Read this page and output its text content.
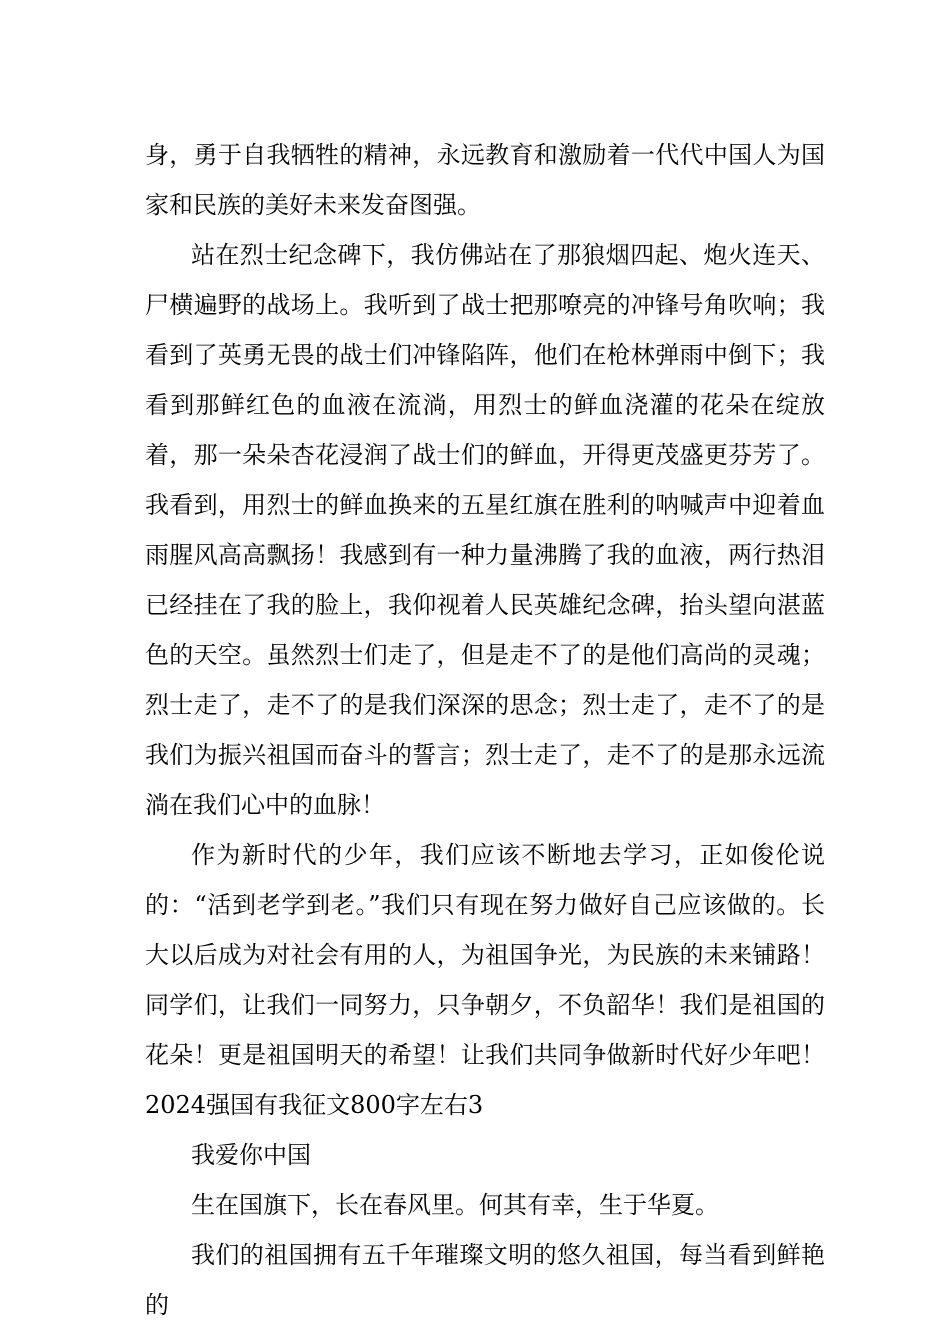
身，勇于自我牺牲的精神，永远教育和激励着一代代中国人为国家和民族的美好未来发奋图强。

站在烈士纪念碑下，我仿佛站在了那狼烟四起、炮火连天、尸横遍野的战场上。我听到了战士把那嘹亮的冲锋号角吹响；我看到了英勇无畏的战士们冲锋陷阵，他们在枪林弹雨中倒下；我看到那鲜红色的血液在流淌，用烈士的鲜血浇灌的花朵在绽放着，那一朵朵杏花浸润了战士们的鲜血，开得更茂盛更芬芳了。我看到，用烈士的鲜血换来的五星红旗在胜利的呐喊声中迎着血雨腥风高高飘扬！我感到有一种力量沸腾了我的血液，两行热泪已经挂在了我的脸上，我仰视着人民英雄纪念碑，抬头望向湛蓝色的天空。虽然烈士们走了，但是走不了的是他们高尚的灵魂；烈士走了，走不了的是我们深深的思念；烈士走了，走不了的是我们为振兴祖国而奋斗的誓言；烈士走了，走不了的是那永远流淌在我们心中的血脉！

作为新时代的少年，我们应该不断地去学习，正如俊伦说的：“活到老学到老。”我们只有现在努力做好自己应该做的。长大以后成为对社会有用的人，为祖国争光，为民族的未来铺路！同学们，让我们一同努力，只争朝夕，不负韶华！我们是祖国的花朵！更是祖国明天的希望！让我们共同争做新时代好少年吧！2024强国有我征文800字左右3

我爱你中国

生在国旗下，长在春风里。何其有幸，生于华夏。

我们的祖国拥有五千年璀璨文明的悠久祖国，每当看到鲜艳的
